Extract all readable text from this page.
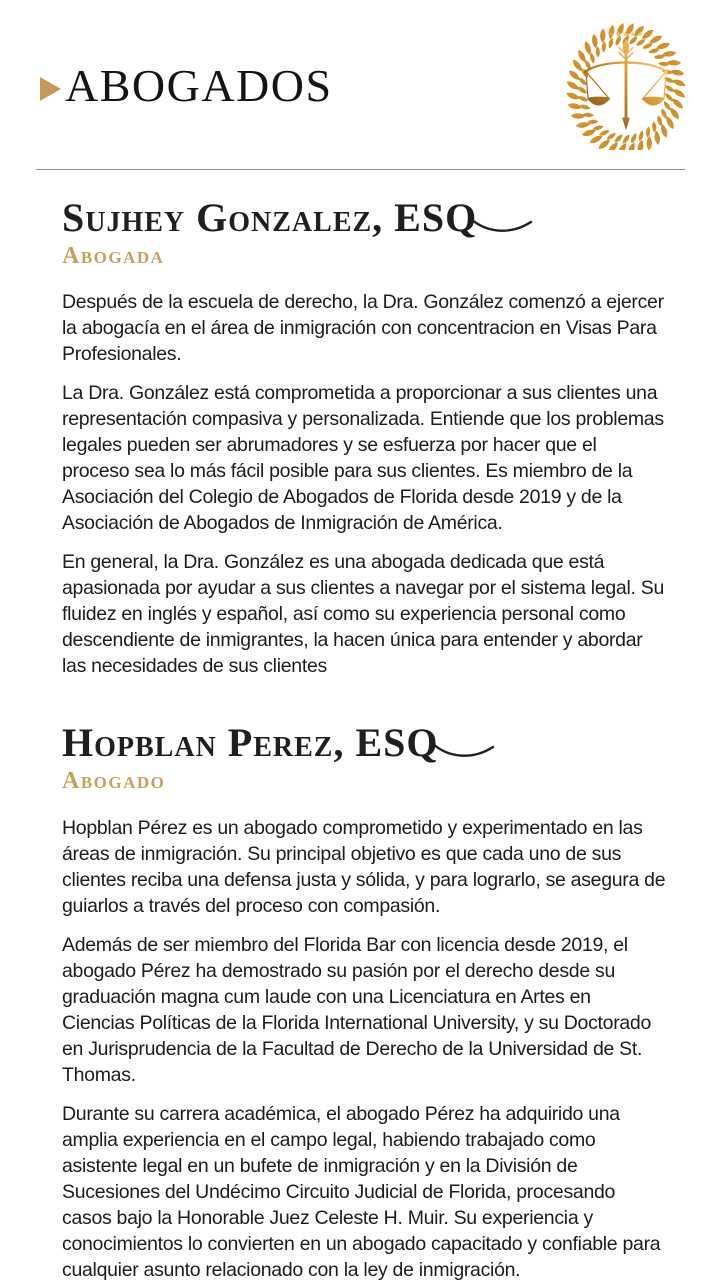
ABOGADOS
★★★★★
Sujhey Gonzalez, ESQ
Abogada

Después de la escuela de derecho, la Dra. González comenzó a ejercer la abogacía en el área de inmigración con concentracion en Visas Para Profesionales.

La Dra. González está comprometida a proporcionar a sus clientes una representación compasiva y personalizada. Entiende que los problemas legales pueden ser abrumadores y se esfuerza por hacer que el proceso sea lo más fácil posible para sus clientes. Es miembro de la Asociación del Colegio de Abogados de Florida desde 2019 y de la Asociación de Abogados de Inmigración de América.

En general, la Dra. González es una abogada dedicada que está apasionada por ayudar a sus clientes a navegar por el sistema legal. Su fluidez en inglés y español, así como su experiencia personal como descendiente de inmigrantes, la hacen única para entender y abordar las necesidades de sus clientes

Hopblan Perez, ESQ
Abogado

Hopblan Pérez es un abogado comprometido y experimentado en las áreas de inmigración. Su principal objetivo es que cada uno de sus clientes reciba una defensa justa y sólida, y para lograrlo, se asegura de guiarlos a través del proceso con compasión.

Además de ser miembro del Florida Bar con licencia desde 2019, el abogado Pérez ha demostrado su pasión por el derecho desde su graduación magna cum laude con una Licenciatura en Artes en Ciencias Políticas de la Florida International University, y su Doctorado en Jurisprudencia de la Facultad de Derecho de la Universidad de St. Thomas.

Durante su carrera académica, el abogado Pérez ha adquirido una amplia experiencia en el campo legal, habiendo trabajado como asistente legal en un bufete de inmigración y en la División de Sucesiones del Undécimo Circuito Judicial de Florida, procesando casos bajo la Honorable Juez Celeste H. Muir. Su experiencia y conocimientos lo convierten en un abogado capacitado y confiable para cualquier asunto relacionado con la ley de inmigración.
